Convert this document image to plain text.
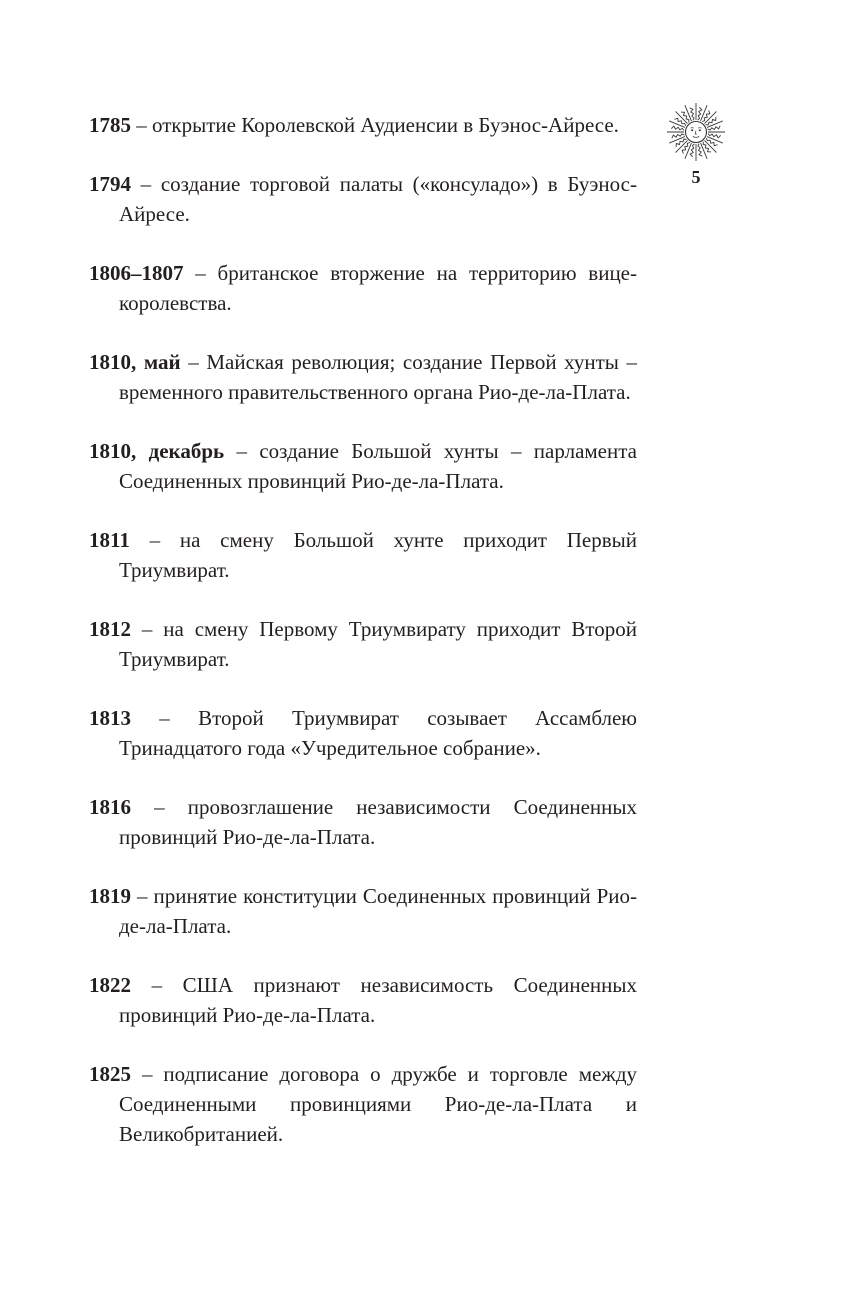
1785 – открытие Королевской Аудиенсии в Буэнос-Айресе.
1794 – создание торговой палаты («консуладо») в Буэнос-Айресе.
1806–1807 – британское вторжение на территорию вице-королевства.
1810, май – Майская революция; создание Первой хунты – временного правительственного органа Рио-де-ла-Плата.
1810, декабрь – создание Большой хунты – парламента Соединенных провинций Рио-де-ла-Плата.
1811 – на смену Большой хунте приходит Первый Триумвират.
1812 – на смену Первому Триумвирату приходит Второй Триумвират.
1813 – Второй Триумвират созывает Ассамблею Тринадцатого года «Учредительное собрание».
1816 – провозглашение независимости Соединенных провинций Рио-де-ла-Плата.
1819 – принятие конституции Соединенных провинций Рио-де-ла-Плата.
1822 – США признают независимость Соединенных провинций Рио-де-ла-Плата.
1825 – подписание договора о дружбе и торговле между Соединенными провинциями Рио-де-ла-Плата и Великобританией.
5
